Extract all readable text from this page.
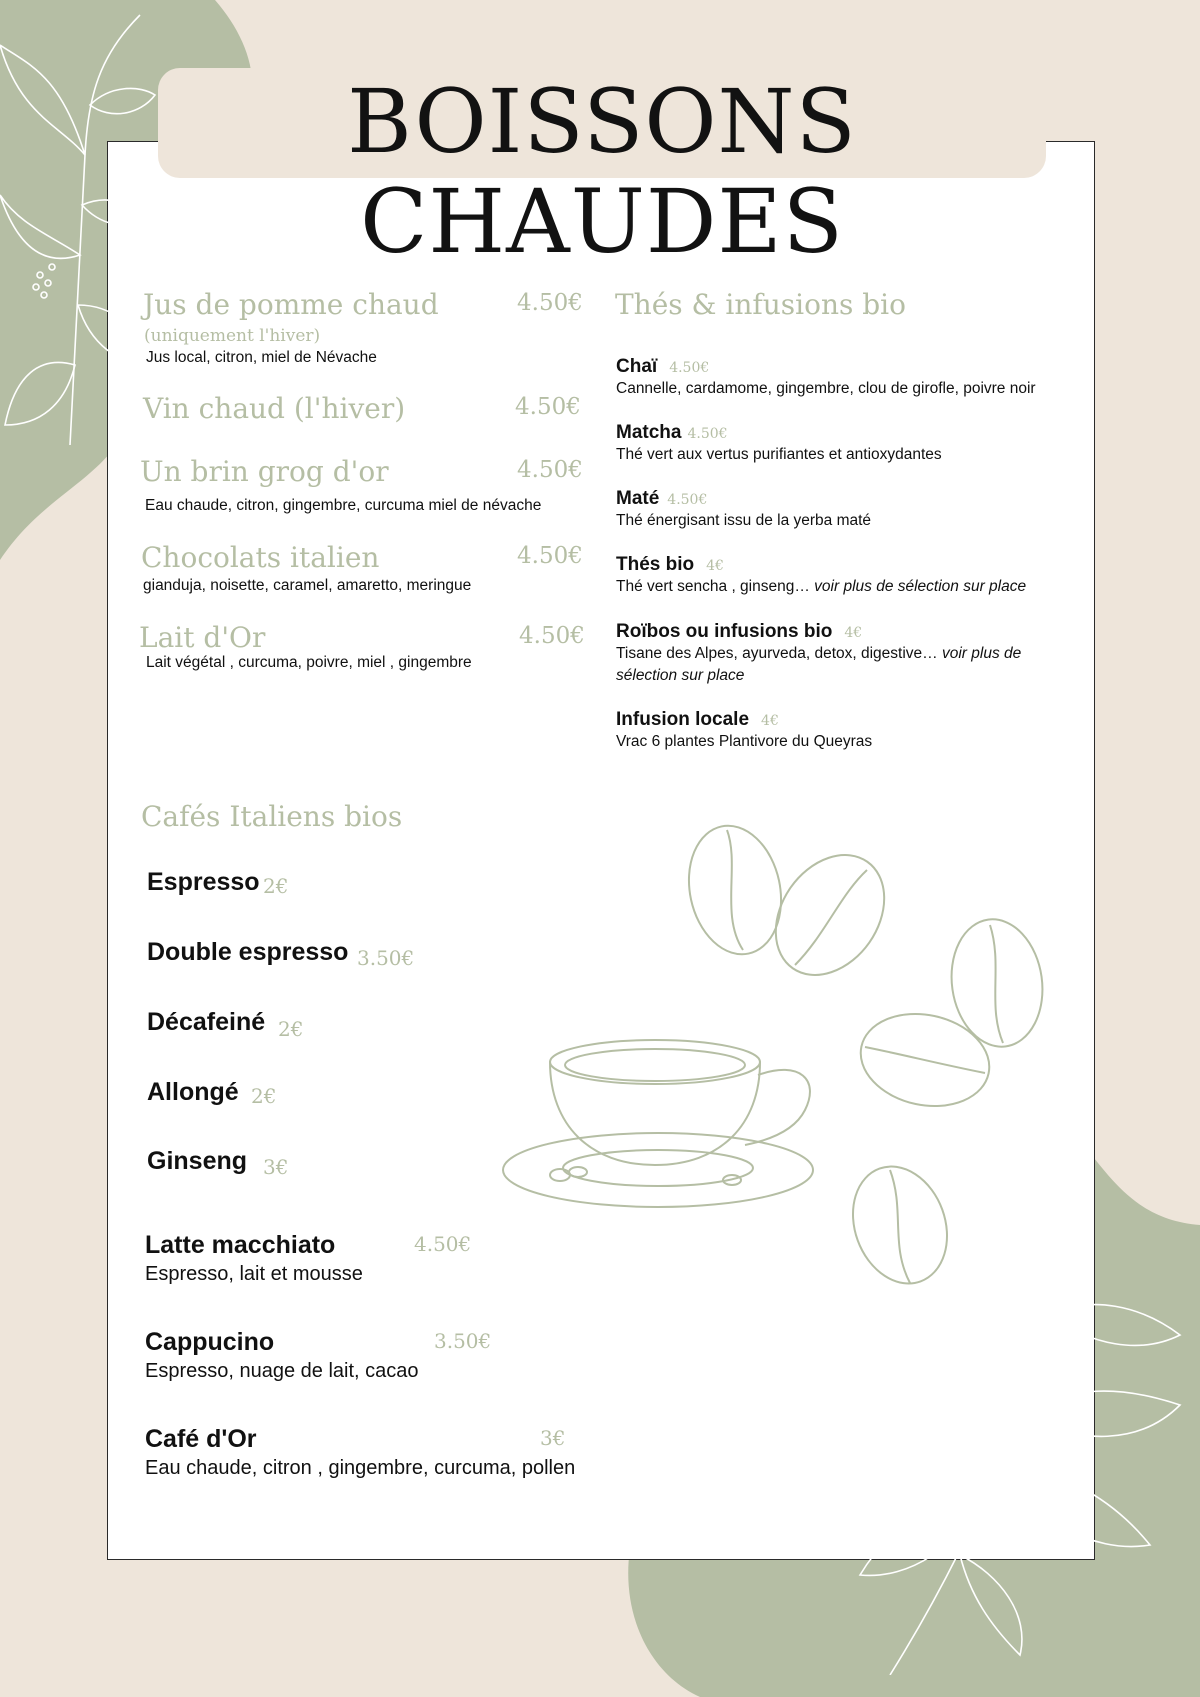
BOISSONS CHAUDES
Jus de pomme chaud	4.50€
(uniquement l'hiver)
Jus local, citron, miel de Névache
Vin chaud (l'hiver)	4.50€
Un brin grog d'or	4.50€
Eau chaude, citron, gingembre, curcuma miel de névache
Chocolats italien	4.50€
gianduja, noisette, caramel, amaretto, meringue
Lait d'Or	4.50€
Lait végétal , curcuma, poivre, miel , gingembre
Thés & infusions bio
Chaï 4.50€
Cannelle, cardamome, gingembre, clou de girofle, poivre noir
Matcha 4.50€
Thé vert aux vertus purifiantes et antioxydantes
Maté 4.50€
Thé énergisant issu de la yerba maté
Thés bio 4€
Thé vert sencha , ginseng… voir plus de sélection sur place
Roïbos ou infusions bio 4€
Tisane des Alpes, ayurveda, detox, digestive… voir plus de sélection sur place
Infusion locale 4€
Vrac 6 plantes Plantivore du Queyras
Cafés Italiens bios
Espresso 2€
Double espresso 3.50€
Décafeiné 2€
Allongé 2€
Ginseng 3€
Latte macchiato	4.50€
Espresso, lait et mousse
Cappucino	3.50€
Espresso, nuage de lait, cacao
Café d'Or	3€
Eau chaude, citron , gingembre, curcuma, pollen
